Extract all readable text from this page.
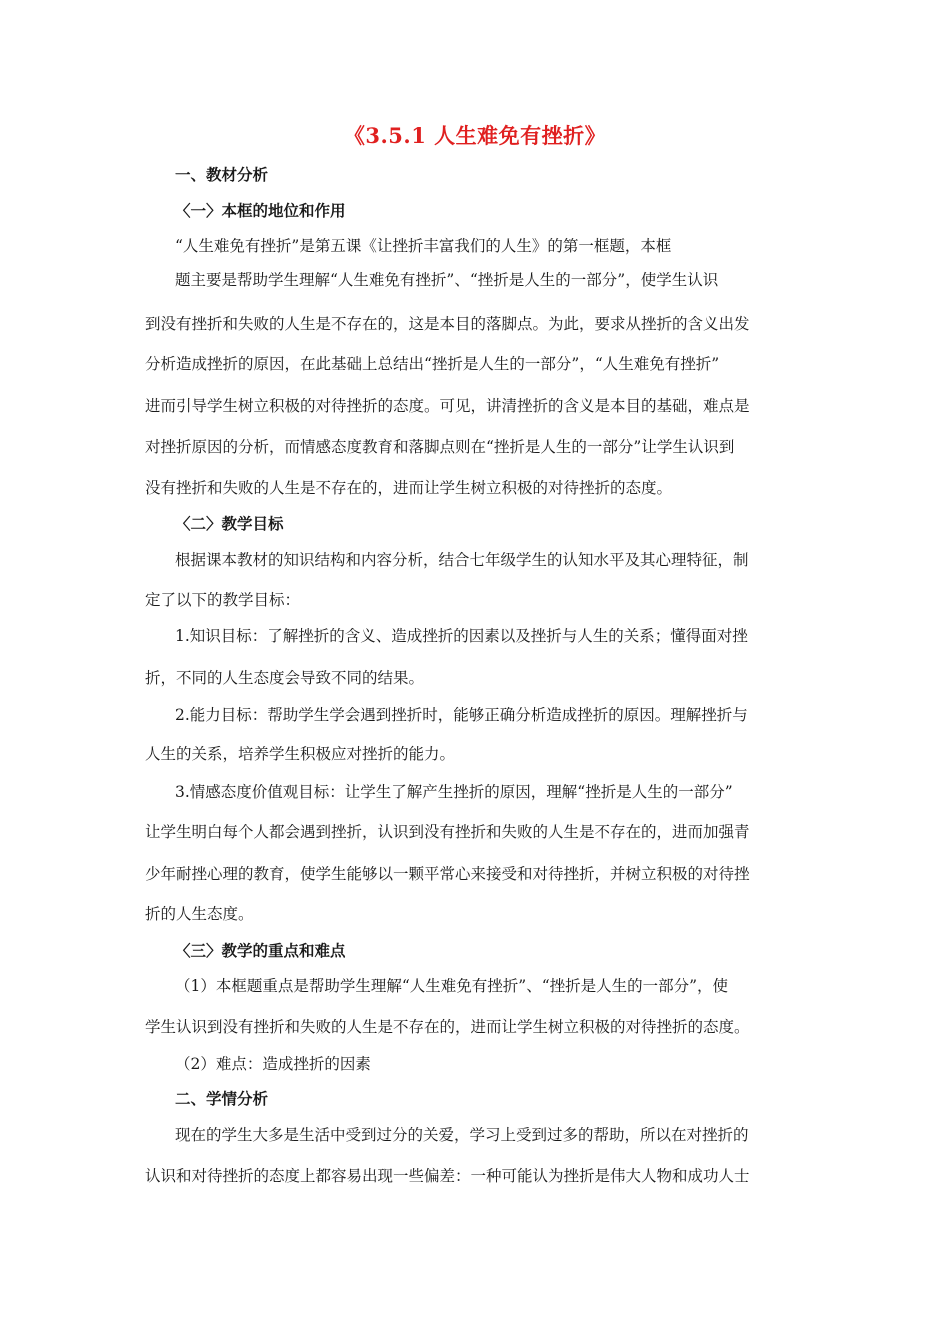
《3.5.1 人生难免有挫折》
一、教材分析
〈一〉本框的地位和作用
“人生难免有挫折”是第五课《让挫折丰富我们的人生》的第一框题，本框
题主要是帮助学生理解“人生难免有挫折”、“挫折是人生的一部分”，使学生认识
到没有挫折和失败的人生是不存在的，这是本目的落脚点。为此，要求从挫折的含义出发
分析造成挫折的原因，在此基础上总结出“挫折是人生的一部分”，“人生难免有挫折”
进而引导学生树立积极的对待挫折的态度。可见，讲清挫折的含义是本目的基础，难点是
对挫折原因的分析，而情感态度教育和落脚点则在“挫折是人生的一部分”让学生认识到
没有挫折和失败的人生是不存在的，进而让学生树立积极的对待挫折的态度。
〈二〉教学目标
根据课本教材的知识结构和内容分析，结合七年级学生的认知水平及其心理特征，制
定了以下的教学目标：
1.知识目标：了解挫折的含义、造成挫折的因素以及挫折与人生的关系；懂得面对挫
折，不同的人生态度会导致不同的结果。
2.能力目标：帮助学生学会遇到挫折时，能够正确分析造成挫折的原因。理解挫折与
人生的关系，培养学生积极应对挫折的能力。
3.情感态度价值观目标：让学生了解产生挫折的原因，理解“挫折是人生的一部分”
让学生明白每个人都会遇到挫折，认识到没有挫折和失败的人生是不存在的，进而加强青
少年耐挫心理的教育，使学生能够以一颗平常心来接受和对待挫折，并树立积极的对待挫
折的人生态度。
〈三〉教学的重点和难点
（1）本框题重点是帮助学生理解“人生难免有挫折”、“挫折是人生的一部分”，使
学生认识到没有挫折和失败的人生是不存在的，进而让学生树立积极的对待挫折的态度。
（2）难点：造成挫折的因素
二、学情分析
现在的学生大多是生活中受到过分的关爱，学习上受到过多的帮助，所以在对挫折的
认识和对待挫折的态度上都容易出现一些偏差：一种可能认为挫折是伟大人物和成功人士
